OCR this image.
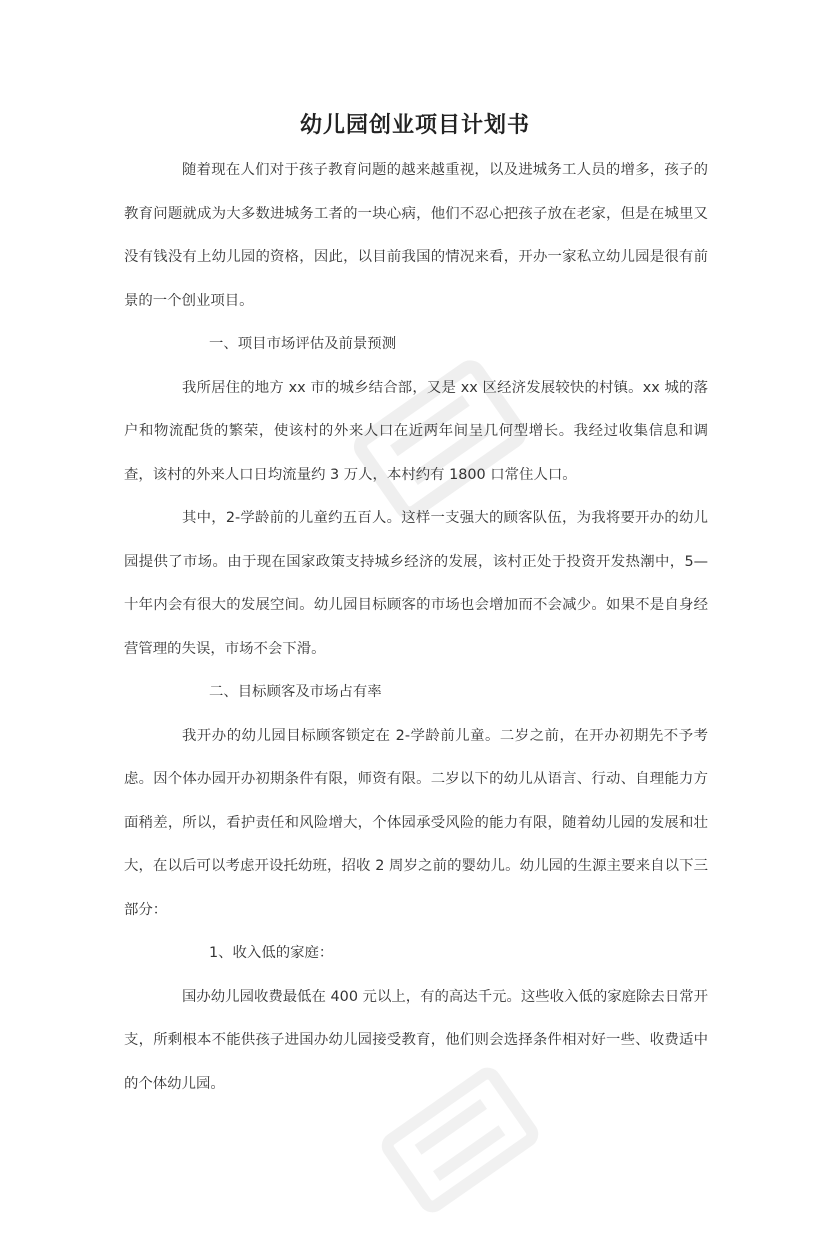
幼儿园创业项目计划书

随着现在人们对于孩子教育问题的越来越重视，以及进城务工人员的增多，孩子的教育问题就成为大多数进城务工者的一块心病，他们不忍心把孩子放在老家，但是在城里又没有钱没有上幼儿园的资格，因此，以目前我国的情况来看，开办一家私立幼儿园是很有前景的一个创业项目。

一、项目市场评估及前景预测

我所居住的地方 xx 市的城乡结合部，又是 xx 区经济发展较快的村镇。xx 城的落户和物流配货的繁荣，使该村的外来人口在近两年间呈几何型增长。我经过收集信息和调查，该村的外来人口日均流量约 3 万人，本村约有 1800 口常住人口。

其中，2-学龄前的儿童约五百人。这样一支强大的顾客队伍，为我将要开办的幼儿园提供了市场。由于现在国家政策支持城乡经济的发展，该村正处于投资开发热潮中，5—十年内会有很大的发展空间。幼儿园目标顾客的市场也会增加而不会减少。如果不是自身经营管理的失误，市场不会下滑。

二、目标顾客及市场占有率

我开办的幼儿园目标顾客锁定在 2-学龄前儿童。二岁之前，在开办初期先不予考虑。因个体办园开办初期条件有限，师资有限。二岁以下的幼儿从语言、行动、自理能力方面稍差，所以，看护责任和风险增大，个体园承受风险的能力有限，随着幼儿园的发展和壮大，在以后可以考虑开设托幼班，招收 2 周岁之前的婴幼儿。幼儿园的生源主要来自以下三部分：

1、收入低的家庭：

国办幼儿园收费最低在 400 元以上，有的高达千元。这些收入低的家庭除去日常开支，所剩根本不能供孩子进国办幼儿园接受教育，他们则会选择条件相对好一些、收费适中的个体幼儿园。
